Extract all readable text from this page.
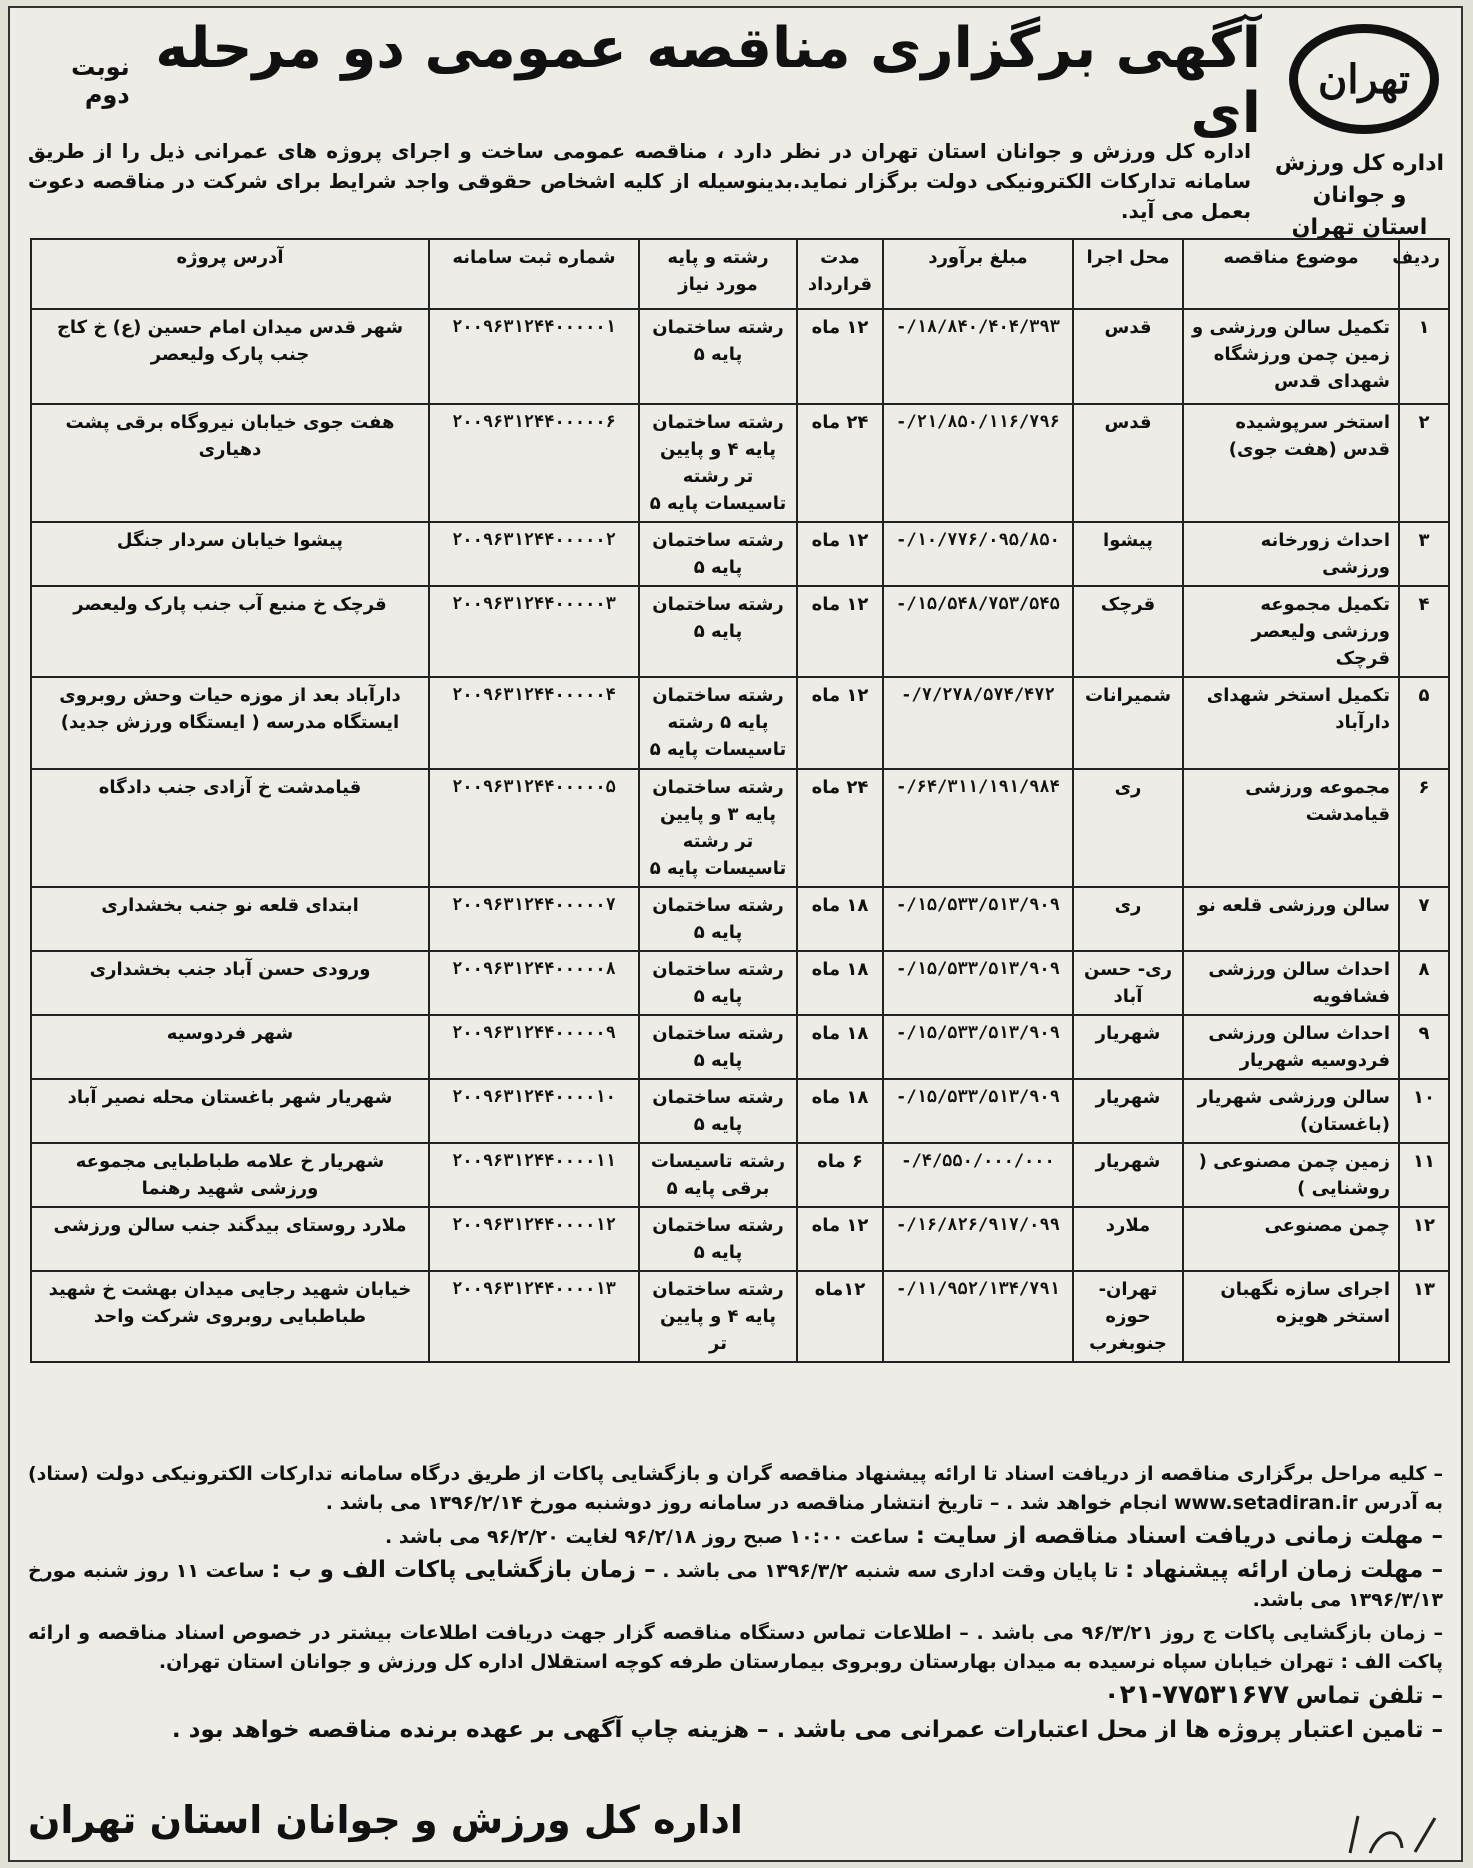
تهران
اداره کل ورزش و جوانان
استان تهران
آگهی برگزاری مناقصه عمومی دو مرحله ای
نوبت دوم
اداره کل ورزش و جوانان استان تهران در نظر دارد ، مناقصه عمومی ساخت و اجرای پروژه های عمرانی ذیل را از طریق سامانه تدارکات الکترونیکی دولت برگزار نماید.بدینوسیله از کلیه اشخاص حقوقی واجد شرایط برای شرکت در مناقصه دعوت بعمل می آید.
ردیف	موضوع مناقصه	محل اجرا	مبلغ برآورد	مدت قرارداد	رشته و پایه مورد نیاز	شماره ثبت سامانه	آدرس پروژه
۱	تکمیل سالن ورزشی و زمین چمن ورزشگاه شهدای قدس	قدس	-/۱۸/۸۴۰/۴۰۴/۳۹۳	۱۲ ماه	رشته ساختمان پایه ۵	۲۰۰۹۶۳۱۲۴۴۰۰۰۰۰۱	شهر قدس میدان امام حسین (ع) خ کاج جنب پارک ولیعصر
۲	استخر سرپوشیده قدس (هفت جوی)	قدس	-/۲۱/۸۵۰/۱۱۶/۷۹۶	۲۴ ماه	رشته ساختمان پایه ۴ و پایین تر رشته تاسیسات پایه ۵	۲۰۰۹۶۳۱۲۴۴۰۰۰۰۰۶	هفت جوی خیابان نیروگاه برقی پشت دهیاری
۳	احداث زورخانه ورزشی	پیشوا	-/۱۰/۷۷۶/۰۹۵/۸۵۰	۱۲ ماه	رشته ساختمان پایه ۵	۲۰۰۹۶۳۱۲۴۴۰۰۰۰۰۲	پیشوا خیابان سردار جنگل
۴	تکمیل مجموعه ورزشی ولیعصر قرچک	قرچک	-/۱۵/۵۴۸/۷۵۳/۵۴۵	۱۲ ماه	رشته ساختمان پایه ۵	۲۰۰۹۶۳۱۲۴۴۰۰۰۰۰۳	قرچک خ منبع آب جنب پارک ولیعصر
۵	تکمیل استخر شهدای دارآباد	شمیرانات	-/۷/۲۷۸/۵۷۴/۴۷۲	۱۲ ماه	رشته ساختمان پایه ۵ رشته تاسیسات پایه ۵	۲۰۰۹۶۳۱۲۴۴۰۰۰۰۰۴	دارآباد بعد از موزه حیات وحش روبروی ایستگاه مدرسه ( ایستگاه ورزش جدید)
۶	مجموعه ورزشی قیامدشت	ری	-/۶۴/۳۱۱/۱۹۱/۹۸۴	۲۴ ماه	رشته ساختمان پایه ۳ و پایین تر رشته تاسیسات پایه ۵	۲۰۰۹۶۳۱۲۴۴۰۰۰۰۰۵	قیامدشت خ آزادی جنب دادگاه
۷	سالن ورزشی قلعه نو	ری	-/۱۵/۵۳۳/۵۱۳/۹۰۹	۱۸ ماه	رشته ساختمان پایه ۵	۲۰۰۹۶۳۱۲۴۴۰۰۰۰۰۷	ابتدای قلعه نو جنب بخشداری
۸	احداث سالن ورزشی فشافویه	ری- حسن آباد	-/۱۵/۵۳۳/۵۱۳/۹۰۹	۱۸ ماه	رشته ساختمان پایه ۵	۲۰۰۹۶۳۱۲۴۴۰۰۰۰۰۸	ورودی حسن آباد جنب بخشداری
۹	احداث سالن ورزشی فردوسیه شهریار	شهریار	-/۱۵/۵۳۳/۵۱۳/۹۰۹	۱۸ ماه	رشته ساختمان پایه ۵	۲۰۰۹۶۳۱۲۴۴۰۰۰۰۰۹	شهر فردوسیه
۱۰	سالن ورزشی شهریار (باغستان)	شهریار	-/۱۵/۵۳۳/۵۱۳/۹۰۹	۱۸ ماه	رشته ساختمان پایه ۵	۲۰۰۹۶۳۱۲۴۴۰۰۰۰۱۰	شهریار شهر باغستان محله نصیر آباد
۱۱	زمین چمن مصنوعی ( روشنایی )	شهریار	-/۴/۵۵۰/۰۰۰/۰۰۰	۶ ماه	رشته تاسیسات برقی پایه ۵	۲۰۰۹۶۳۱۲۴۴۰۰۰۰۱۱	شهریار خ علامه طباطبایی مجموعه ورزشی شهید رهنما
۱۲	چمن مصنوعی	ملارد	-/۱۶/۸۲۶/۹۱۷/۰۹۹	۱۲ ماه	رشته ساختمان پایه ۵	۲۰۰۹۶۳۱۲۴۴۰۰۰۰۱۲	ملارد روستای بیدگند جنب سالن ورزشی
۱۳	اجرای سازه نگهبان استخر هویزه	تهران- حوزه جنوبغرب	-/۱۱/۹۵۲/۱۳۴/۷۹۱	۱۲ماه	رشته ساختمان پایه ۴ و پایین تر	۲۰۰۹۶۳۱۲۴۴۰۰۰۰۱۳	خیابان شهید رجایی میدان بهشت خ شهید طباطبایی روبروی شرکت واحد

– کلیه مراحل برگزاری مناقصه از دریافت اسناد تا ارائه پیشنهاد مناقصه گران و بازگشایی پاکات از طریق درگاه سامانه تدارکات الکترونیکی دولت (ستاد) به آدرس www.setadiran.ir انجام خواهد شد . – تاریخ انتشار مناقصه در سامانه روز دوشنبه مورخ ۱۳۹۶/۲/۱۴ می باشد .

– مهلت زمانی دریافت اسناد مناقصه از سایت : ساعت ۱۰:۰۰ صبح روز ۹۶/۲/۱۸ لغایت ۹۶/۲/۲۰ می باشد .

– مهلت زمان ارائه پیشنهاد : تا پایان وقت اداری سه شنبه ۱۳۹۶/۳/۲ می باشد . – زمان بازگشایی پاکات الف و ب : ساعت ۱۱ روز شنبه مورخ ۱۳۹۶/۳/۱۳ می باشد.

– زمان بازگشایی پاکات ج روز ۹۶/۳/۲۱ می باشد . – اطلاعات تماس دستگاه مناقصه گزار جهت دریافت اطلاعات بیشتر در خصوص اسناد مناقصه و ارائه پاکت الف : تهران خیابان سپاه نرسیده به میدان بهارستان روبروی بیمارستان طرفه کوچه استقلال اداره کل ورزش و جوانان استان تهران.

– تلفن تماس ۰۲۱-۷۷۵۳۱۶۷۷

– تامین اعتبار پروژه ها از محل اعتبارات عمرانی می باشد . – هزینه چاپ آگهی بر عهده برنده مناقصه خواهد بود .

اداره کل ورزش و جوانان استان تهران
